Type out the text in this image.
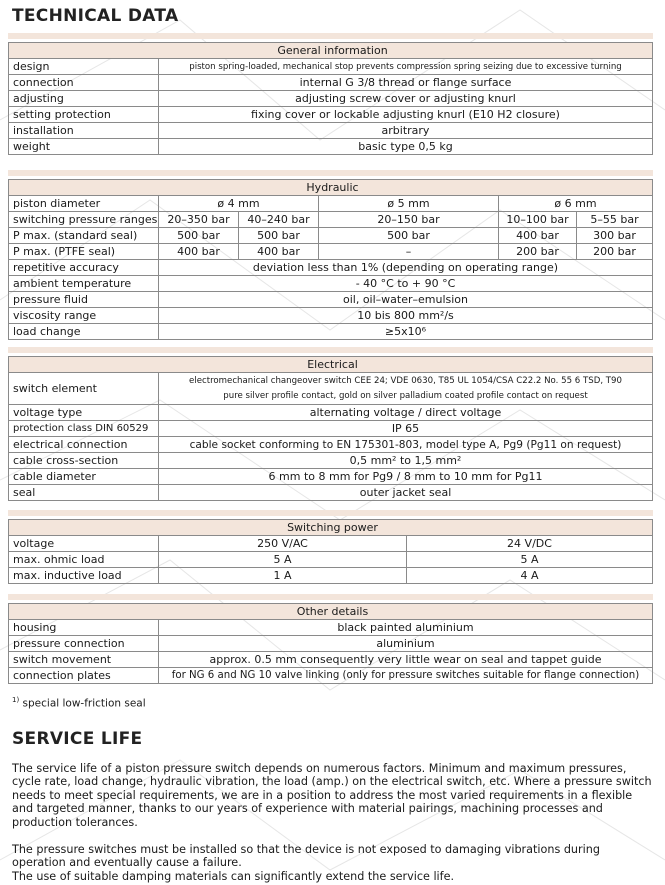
TECHNICAL DATA
General information	
design	piston spring-loaded, mechanical stop prevents compression spring seizing due to excessive turning
connection	internal G 3/8 thread or flange surface
adjusting	adjusting screw cover or adjusting knurl
setting protection	fixing cover or lockable adjusting knurl (E10 H2 closure)
installation	arbitrary
weight	basic type 0,5 kg
Hydraulic					
piston diameter	ø 4 mm		ø 5 mm	ø 6 mm	
switching pressure ranges	20–350 bar	40–240 bar	20–150 bar	10–100 bar	5–55 bar
P max. (standard seal)	500 bar	500 bar	500 bar	400 bar	300 bar
P max. (PTFE seal)	400 bar	400 bar	–	200 bar	200 bar
repetitive accuracy	deviation less than 1% (depending on operating range)				
ambient temperature	- 40 °C to + 90 °C				
pressure fluid	oil, oil–water–emulsion				
viscosity range	10 bis 800 mm²/s				
load change	≥5x10⁶				
Electrical	
switch element	electromechanical changeover switch CEE 24; VDE 0630, T85 UL 1054/CSA C22.2 No. 55 6 TSD, T90
pure silver profile contact, gold on silver palladium coated profile contact on request

voltage type	alternating voltage / direct voltage
protection class DIN 60529	IP 65
electrical connection	cable socket conforming to EN 175301-803, model type A, Pg9 (Pg11 on request)
cable cross-section	0,5 mm² to 1,5 mm²
cable diameter	6 mm to 8 mm for Pg9 / 8 mm to 10 mm for Pg11
seal	outer jacket seal
Switching power		
voltage	250 V/AC	24 V/DC
max. ohmic load	5 A	5 A
max. inductive load	1 A	4 A
Other details	
housing	black painted aluminium
pressure connection	aluminium
switch movement	approx. 0.5 mm consequently very little wear on seal and tappet guide
connection plates	for NG 6 and NG 10 valve linking (only for pressure switches suitable for flange connection)
$^{1)}$ special low-friction seal
SERVICE LIFE

The service life of a piston pressure switch depends on numerous factors. Minimum and maximum pressures, cycle rate, load change, hydraulic vibration, the load (amp.) on the electrical switch, etc. Where a pressure switch needs to meet special requirements, we are in a position to address the most varied requirements in a flexible and targeted manner, thanks to our years of experience with material pairings, machining processes and production tolerances.

The pressure switches must be installed so that the device is not exposed to damaging vibrations during operation and eventually cause a failure.
The use of suitable damping materials can significantly extend the service life.
